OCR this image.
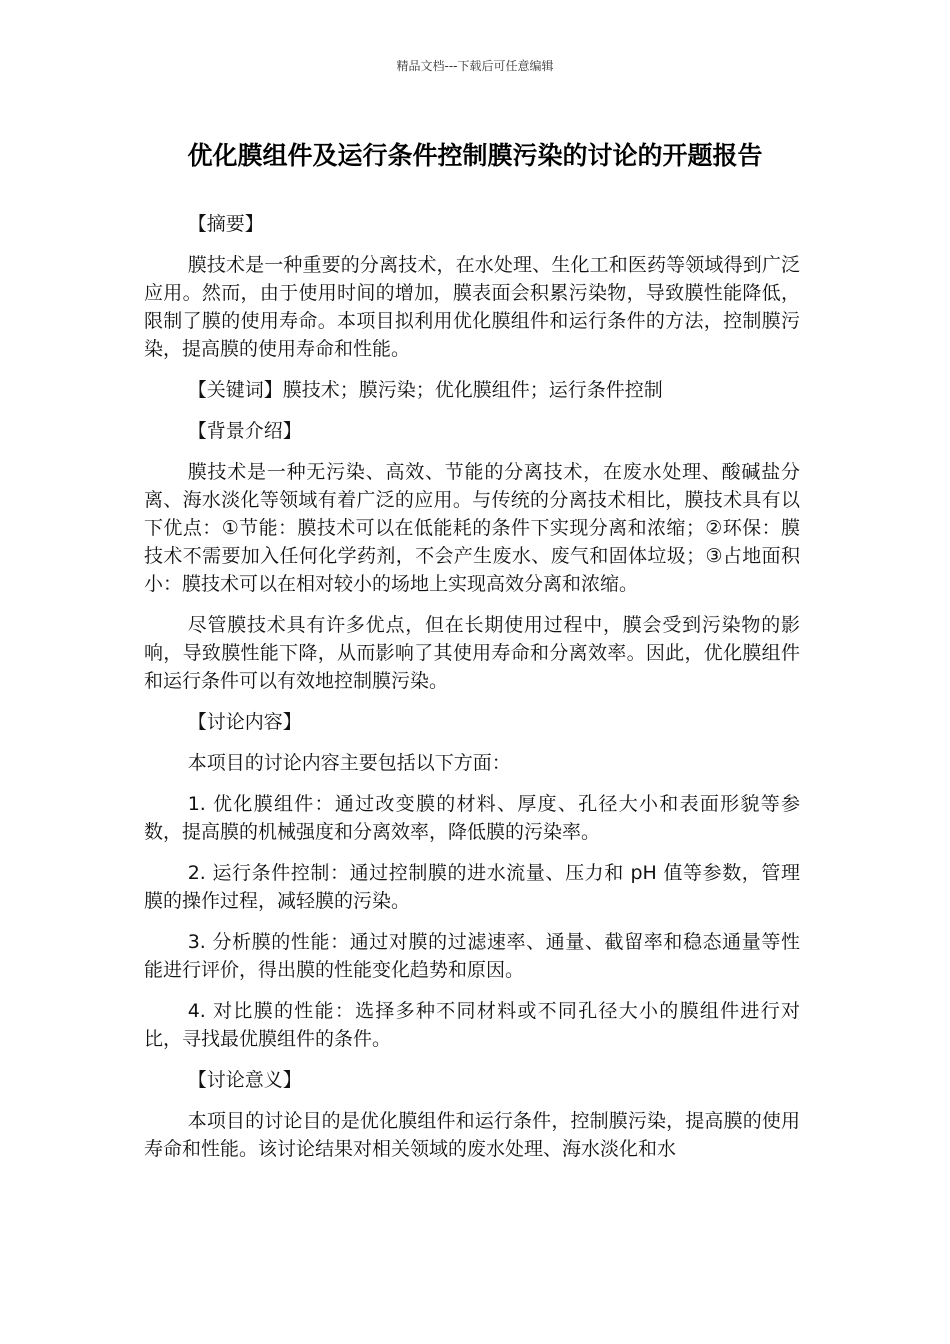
精品文档---下载后可任意编辑
优化膜组件及运行条件控制膜污染的讨论的开题报告

【摘要】

膜技术是一种重要的分离技术，在水处理、生化工和医药等领域得到广泛应用。然而，由于使用时间的增加，膜表面会积累污染物，导致膜性能降低，限制了膜的使用寿命。本项目拟利用优化膜组件和运行条件的方法，控制膜污染，提高膜的使用寿命和性能。

【关键词】膜技术；膜污染；优化膜组件；运行条件控制

【背景介绍】

膜技术是一种无污染、高效、节能的分离技术，在废水处理、酸碱盐分离、海水淡化等领域有着广泛的应用。与传统的分离技术相比，膜技术具有以下优点：①节能：膜技术可以在低能耗的条件下实现分离和浓缩；②环保：膜技术不需要加入任何化学药剂，不会产生废水、废气和固体垃圾；③占地面积小：膜技术可以在相对较小的场地上实现高效分离和浓缩。

尽管膜技术具有许多优点，但在长期使用过程中，膜会受到污染物的影响，导致膜性能下降，从而影响了其使用寿命和分离效率。因此，优化膜组件和运行条件可以有效地控制膜污染。

【讨论内容】

本项目的讨论内容主要包括以下方面：

1. 优化膜组件：通过改变膜的材料、厚度、孔径大小和表面形貌等参数，提高膜的机械强度和分离效率，降低膜的污染率。

2. 运行条件控制：通过控制膜的进水流量、压力和 pH 值等参数，管理膜的操作过程，减轻膜的污染。

3. 分析膜的性能：通过对膜的过滤速率、通量、截留率和稳态通量等性能进行评价，得出膜的性能变化趋势和原因。

4. 对比膜的性能：选择多种不同材料或不同孔径大小的膜组件进行对比，寻找最优膜组件的条件。

【讨论意义】

本项目的讨论目的是优化膜组件和运行条件，控制膜污染，提高膜的使用寿命和性能。该讨论结果对相关领域的废水处理、海水淡化和水
